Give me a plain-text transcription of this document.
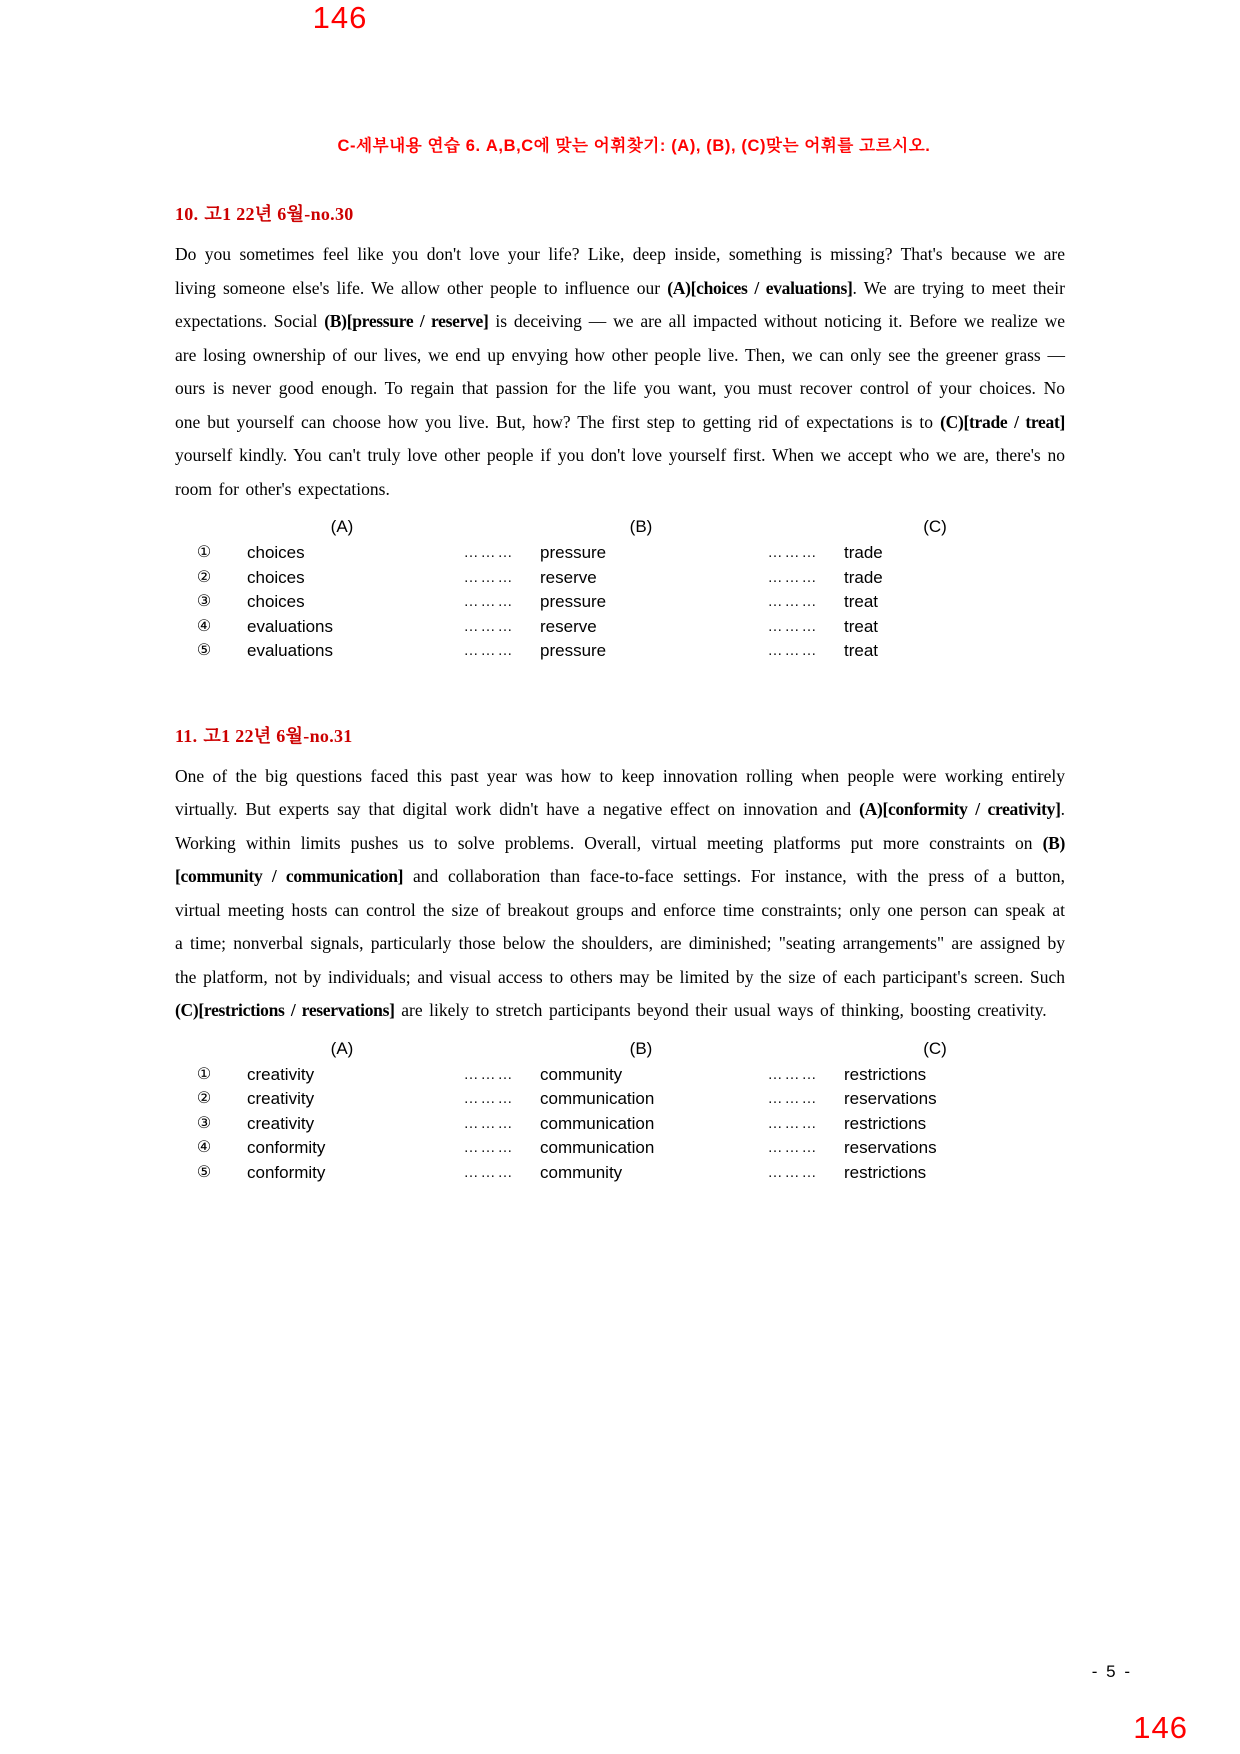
146
C-세부내용 연습 6. A,B,C에 맞는 어휘찾기: (A), (B), (C)맞는 어휘를 고르시오.
10. 고1 22년 6월-no.30
Do you sometimes feel like you don't love your life? Like, deep inside, something is missing? That's because we are living someone else's life. We allow other people to influence our (A)[choices / evaluations]. We are trying to meet their expectations. Social (B)[pressure / reserve] is deceiving — we are all impacted without noticing it. Before we realize we are losing ownership of our lives, we end up envying how other people live. Then, we can only see the greener grass — ours is never good enough. To regain that passion for the life you want, you must recover control of your choices. No one but yourself can choose how you live. But, how? The first step to getting rid of expectations is to (C)[trade / treat] yourself kindly. You can't truly love other people if you don't love yourself first. When we accept who we are, there's no room for other's expectations.
	(A)		(B)		(C)
①	choices	………	pressure	………	trade
②	choices	………	reserve	………	trade
③	choices	………	pressure	………	treat
④	evaluations	………	reserve	………	treat
⑤	evaluations	………	pressure	………	treat
11. 고1 22년 6월-no.31
One of the big questions faced this past year was how to keep innovation rolling when people were working entirely virtually. But experts say that digital work didn't have a negative effect on innovation and (A)[conformity / creativity]. Working within limits pushes us to solve problems. Overall, virtual meeting platforms put more constraints on (B)[community / communication] and collaboration than face-to-face settings. For instance, with the press of a button, virtual meeting hosts can control the size of breakout groups and enforce time constraints; only one person can speak at a time; nonverbal signals, particularly those below the shoulders, are diminished; "seating arrangements" are assigned by the platform, not by individuals; and visual access to others may be limited by the size of each participant's screen. Such (C)[restrictions / reservations] are likely to stretch participants beyond their usual ways of thinking, boosting creativity.
	(A)		(B)		(C)
①	creativity	………	community	………	restrictions
②	creativity	………	communication	………	reservations
③	creativity	………	communication	………	restrictions
④	conformity	………	communication	………	reservations
⑤	conformity	………	community	………	restrictions
- 5 -
146
